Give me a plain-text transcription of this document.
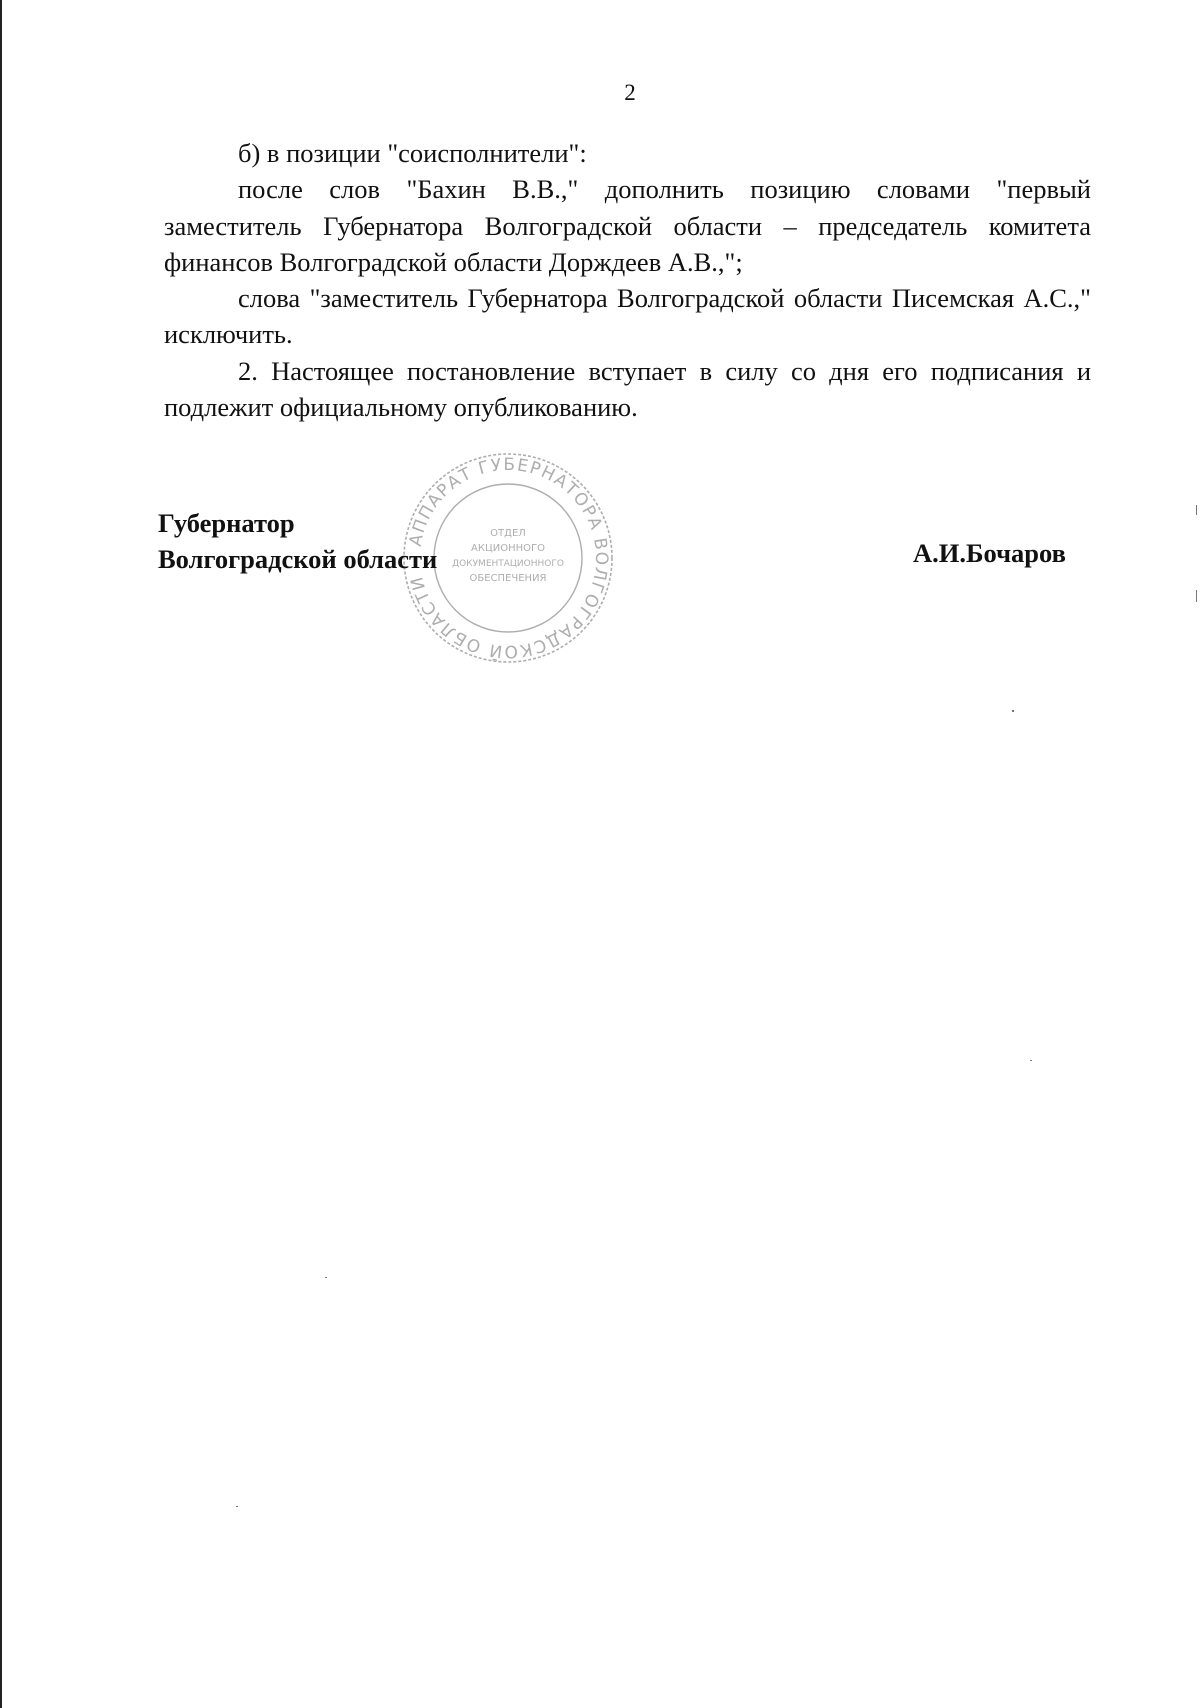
2

б) в позиции "соисполнители":

после слов "Бахин В.В.," дополнить позицию словами "первый заместитель Губернатора Волгоградской области – председатель комитета финансов Волгоградской области Дорждеев А.В.,";

слова "заместитель Губернатора Волгоградской области Писемская А.С.," исключить.

2. Настоящее постановление вступает в силу со дня его подписания и подлежит официальному опубликованию.

АППАРАТ ГУБЕРНАТОРА ВОЛГОГРАДСКОЙ ОБЛАСТИ
ОТДЕЛ
АКЦИОННОГО
ДОКУМЕНТАЦИОННОГО
ОБЕСПЕЧЕНИЯ
Губернатор
Волгоградской области	А.И.Бочаров
